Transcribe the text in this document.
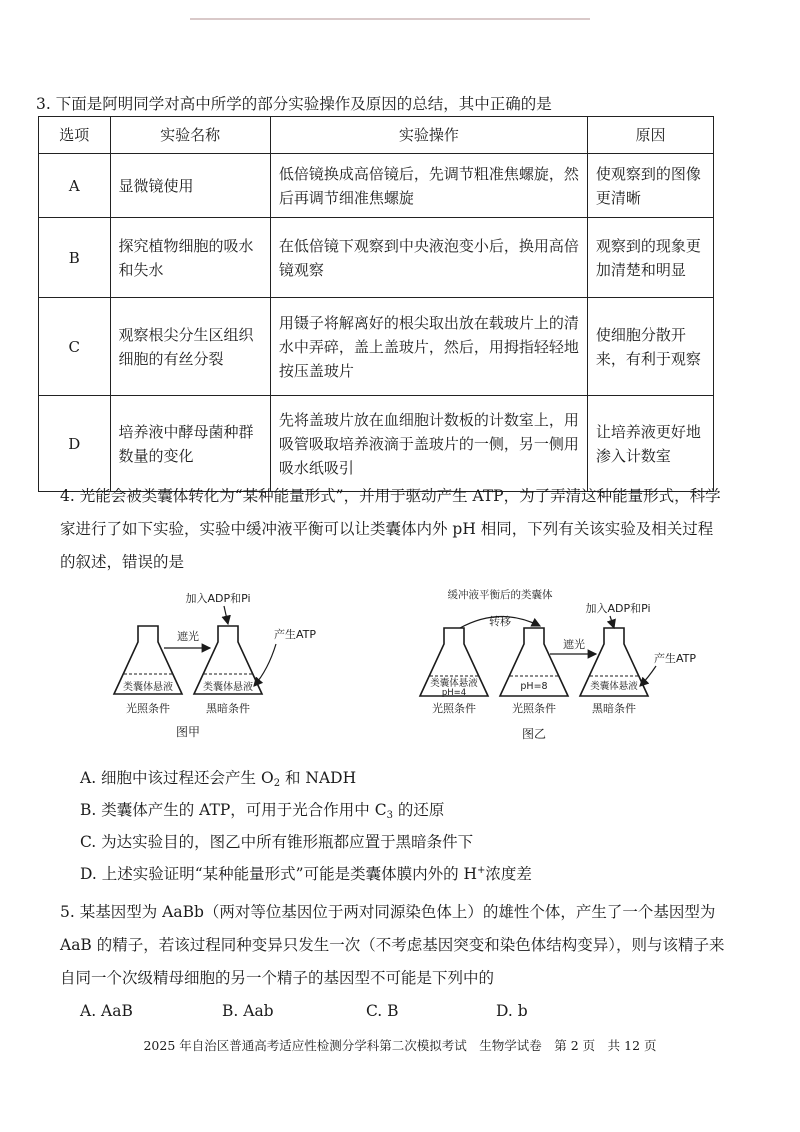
3. 下面是阿明同学对高中所学的部分实验操作及原因的总结，其中正确的是
选项	实验名称	实验操作	原因
A	显微镜使用	低倍镜换成高倍镜后，先调节粗准焦螺旋，然后再调节细准焦螺旋	使观察到的图像更清晰
B	探究植物细胞的吸水和失水	在低倍镜下观察到中央液泡变小后，换用高倍镜观察	观察到的现象更加清楚和明显
C	观察根尖分生区组织细胞的有丝分裂	用镊子将解离好的根尖取出放在载玻片上的清水中弄碎，盖上盖玻片，然后，用拇指轻轻地按压盖玻片	使细胞分散开来，有利于观察
D	培养液中酵母菌种群数量的变化	先将盖玻片放在血细胞计数板的计数室上，用吸管吸取培养液滴于盖玻片的一侧，另一侧用吸水纸吸引	让培养液更好地渗入计数室
4. 光能会被类囊体转化为“某种能量形式”，并用于驱动产生 ATP，为了弄清这种能量形式，科学家进行了如下实验，实验中缓冲液平衡可以让类囊体内外 pH 相同，下列有关该实验及相关过程的叙述，错误的是
类囊体悬液	类囊体悬液
遮光
加入ADP和Pi
产生ATP
光照条件	黑暗条件
图甲
缓冲液平衡后的类囊体
转移
类囊体悬液
pH=4
pH=8	类囊体悬液
遮光
加入ADP和Pi
产生ATP
光照条件	光照条件	黑暗条件
图乙
A. 细胞中该过程还会产生 $O_2$ 和 NADH
B. 类囊体产生的 ATP，可用于光合作用中 $C_3$ 的还原
C. 为达实验目的，图乙中所有锥形瓶都应置于黑暗条件下
D. 上述实验证明“某种能量形式”可能是类囊体膜内外的 H+浓度差
5. 某基因型为 AaBb（两对等位基因位于两对同源染色体上）的雄性个体，产生了一个基因型为 AaB 的精子，若该过程同种变异只发生一次（不考虑基因突变和染色体结构变异），则与该精子来自同一个次级精母细胞的另一个精子的基因型不可能是下列中的
A. AaB	B. Aab	C. B	D. b
2025 年自治区普通高考适应性检测分学科第二次模拟考试　生物学试卷　第 2 页　共 12 页
